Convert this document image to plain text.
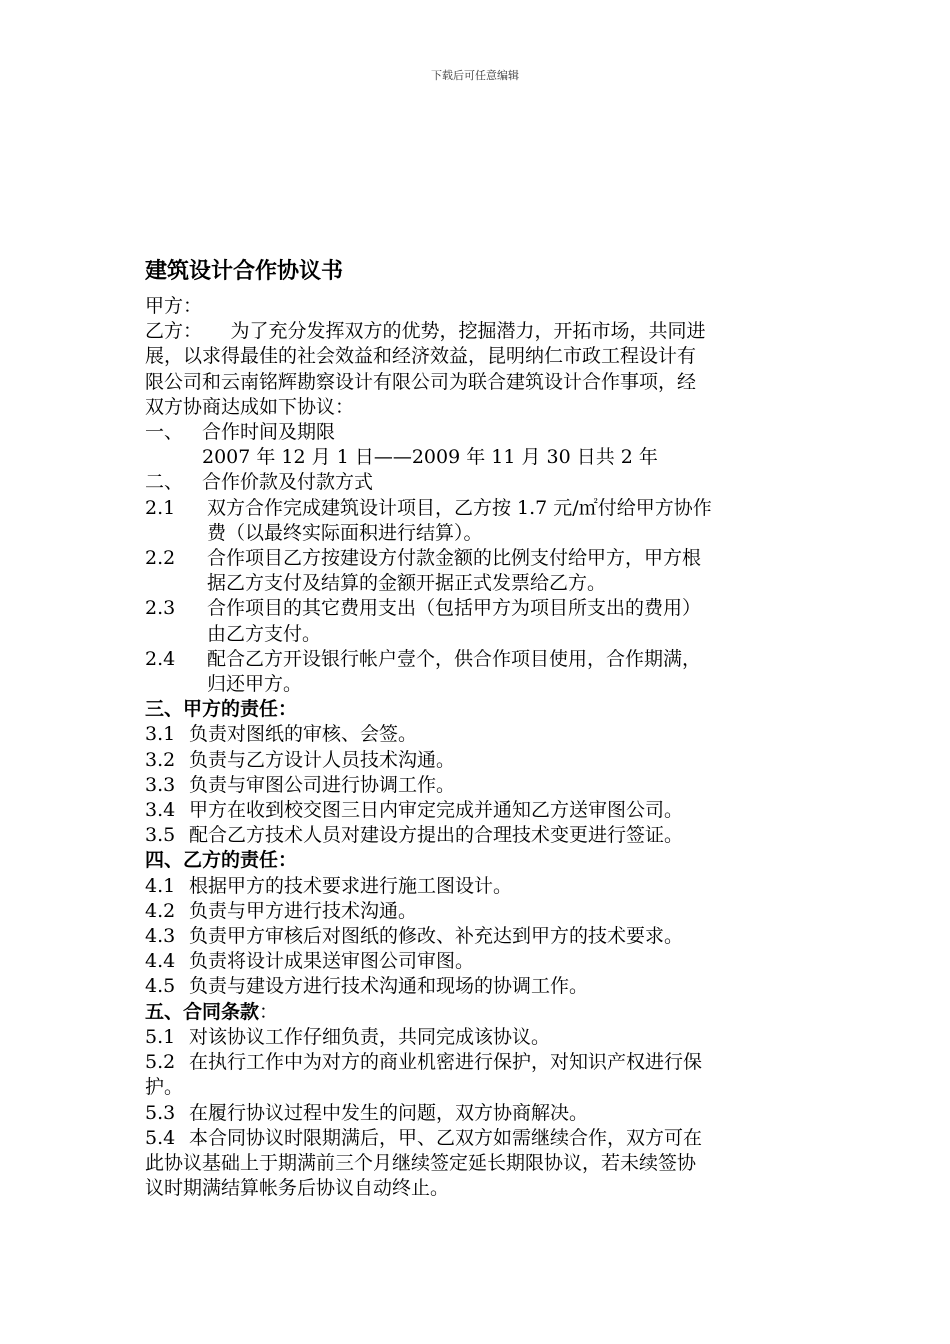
下载后可任意编辑
建筑设计合作协议书
甲方：
乙方：　　为了充分发挥双方的优势，挖掘潜力，开拓市场，共同进
展，以求得最佳的社会效益和经济效益，昆明纳仁市政工程设计有
限公司和云南铭辉勘察设计有限公司为联合建筑设计合作事项，经
双方协商达成如下协议：
一、 合作时间及期限
2007 年 12 月 1 日——2009 年 11 月 30 日共 2 年
二、 合作价款及付款方式
2.1	双方合作完成建筑设计项目，乙方按 1.7 元/㎡付给甲方协作
费（以最终实际面积进行结算）。
2.2	合作项目乙方按建设方付款金额的比例支付给甲方，甲方根
据乙方支付及结算的金额开据正式发票给乙方。
2.3	合作项目的其它费用支出（包括甲方为项目所支出的费用）
由乙方支付。
2.4	配合乙方开设银行帐户壹个，供合作项目使用，合作期满，
归还甲方。
三、甲方的责任：
3.1 负责对图纸的审核、会签。
3.2 负责与乙方设计人员技术沟通。
3.3 负责与审图公司进行协调工作。
3.4 甲方在收到校交图三日内审定完成并通知乙方送审图公司。
3.5 配合乙方技术人员对建设方提出的合理技术变更进行签证。
四、乙方的责任：
4.1 根据甲方的技术要求进行施工图设计。
4.2 负责与甲方进行技术沟通。
4.3 负责甲方审核后对图纸的修改、补充达到甲方的技术要求。
4.4 负责将设计成果送审图公司审图。
4.5 负责与建设方进行技术沟通和现场的协调工作。
五、合同条款：
5.1 对该协议工作仔细负责，共同完成该协议。
5.2 在执行工作中为对方的商业机密进行保护，对知识产权进行保
护。
5.3 在履行协议过程中发生的问题，双方协商解决。
5.4 本合同协议时限期满后，甲、乙双方如需继续合作，双方可在
此协议基础上于期满前三个月继续签定延长期限协议，若未续签协
议时期满结算帐务后协议自动终止。
